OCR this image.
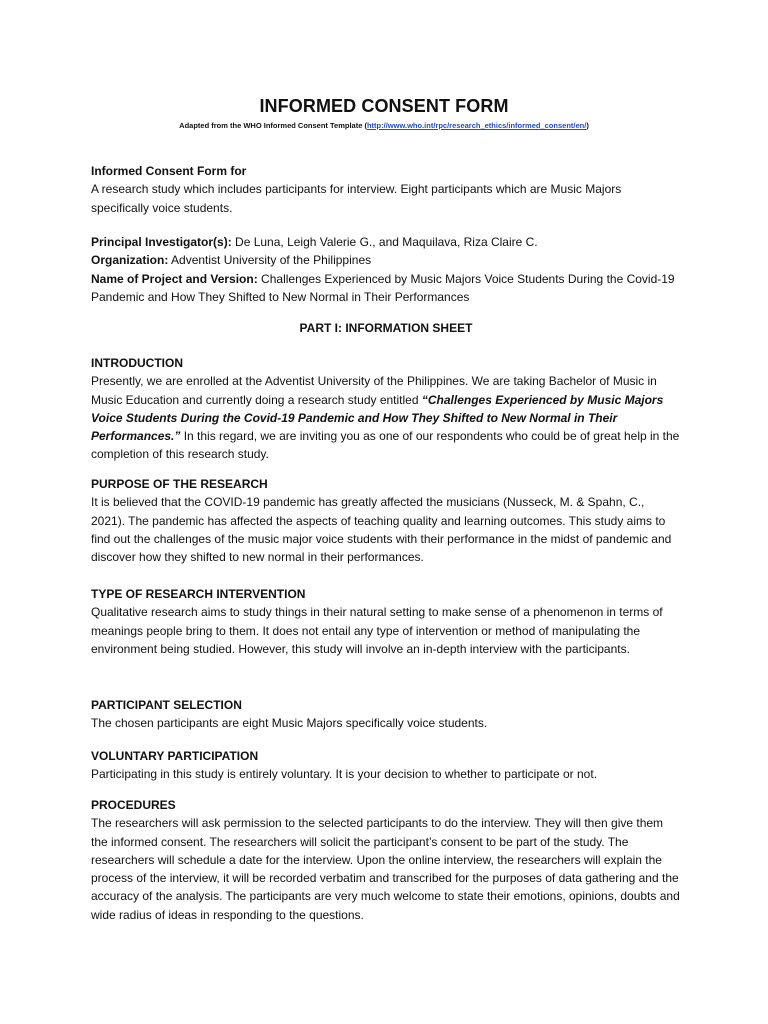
INFORMED CONSENT FORM
Adapted from the WHO Informed Consent Template (http://www.who.int/rpc/research_ethics/informed_consent/en/)
Informed Consent Form for
A research study which includes participants for interview. Eight participants which are Music Majors specifically voice students.
Principal Investigator(s): De Luna, Leigh Valerie G., and Maquilava, Riza Claire C.
Organization: Adventist University of the Philippines
Name of Project and Version: Challenges Experienced by Music Majors Voice Students During the Covid-19 Pandemic and How They Shifted to New Normal in Their Performances
PART I: INFORMATION SHEET
INTRODUCTION
Presently, we are enrolled at the Adventist University of the Philippines. We are taking Bachelor of Music in Music Education and currently doing a research study entitled “Challenges Experienced by Music Majors Voice Students During the Covid-19 Pandemic and How They Shifted to New Normal in Their Performances.” In this regard, we are inviting you as one of our respondents who could be of great help in the completion of this research study.
PURPOSE OF THE RESEARCH
It is believed that the COVID-19 pandemic has greatly affected the musicians (Nusseck, M. & Spahn, C., 2021). The pandemic has affected the aspects of teaching quality and learning outcomes. This study aims to find out the challenges of the music major voice students with their performance in the midst of pandemic and discover how they shifted to new normal in their performances.
TYPE OF RESEARCH INTERVENTION
Qualitative research aims to study things in their natural setting to make sense of a phenomenon in terms of meanings people bring to them. It does not entail any type of intervention or method of manipulating the environment being studied. However, this study will involve an in-depth interview with the participants.
PARTICIPANT SELECTION
The chosen participants are eight Music Majors specifically voice students.
VOLUNTARY PARTICIPATION
Participating in this study is entirely voluntary. It is your decision to whether to participate or not.
PROCEDURES
The researchers will ask permission to the selected participants to do the interview. They will then give them the informed consent. The researchers will solicit the participant’s consent to be part of the study. The researchers will schedule a date for the interview. Upon the online interview, the researchers will explain the process of the interview, it will be recorded verbatim and transcribed for the purposes of data gathering and the accuracy of the analysis. The participants are very much welcome to state their emotions, opinions, doubts and wide radius of ideas in responding to the questions.
